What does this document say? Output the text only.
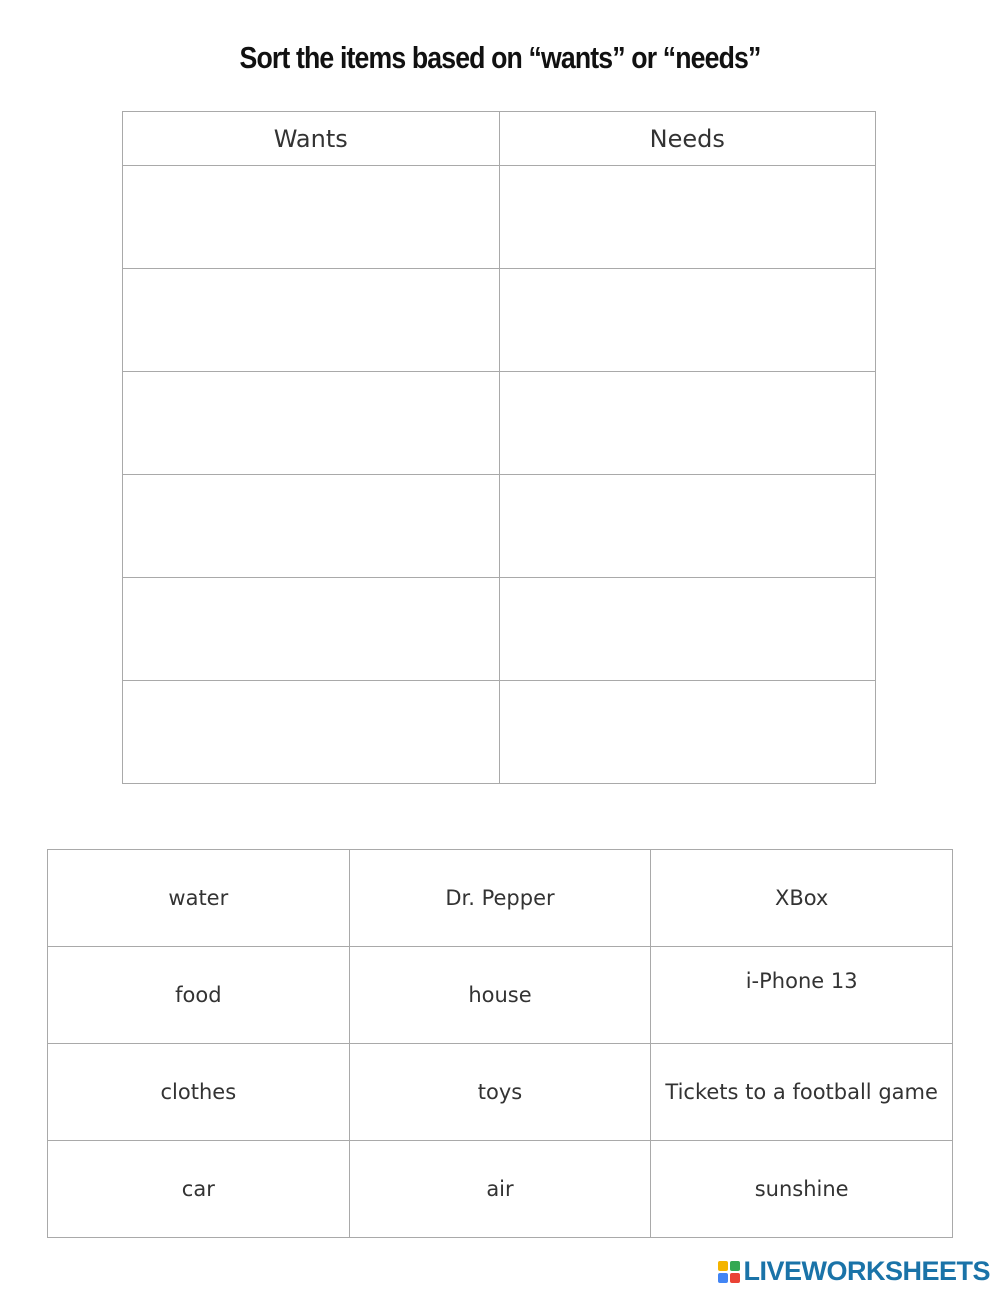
Sort the items based on “wants” or “needs”
Wants	Needs

water	Dr. Pepper	XBox
food	house	i-Phone 13
clothes	toys	Tickets to a football game
car	air	sunshine
LIVEWORKSHEETS
